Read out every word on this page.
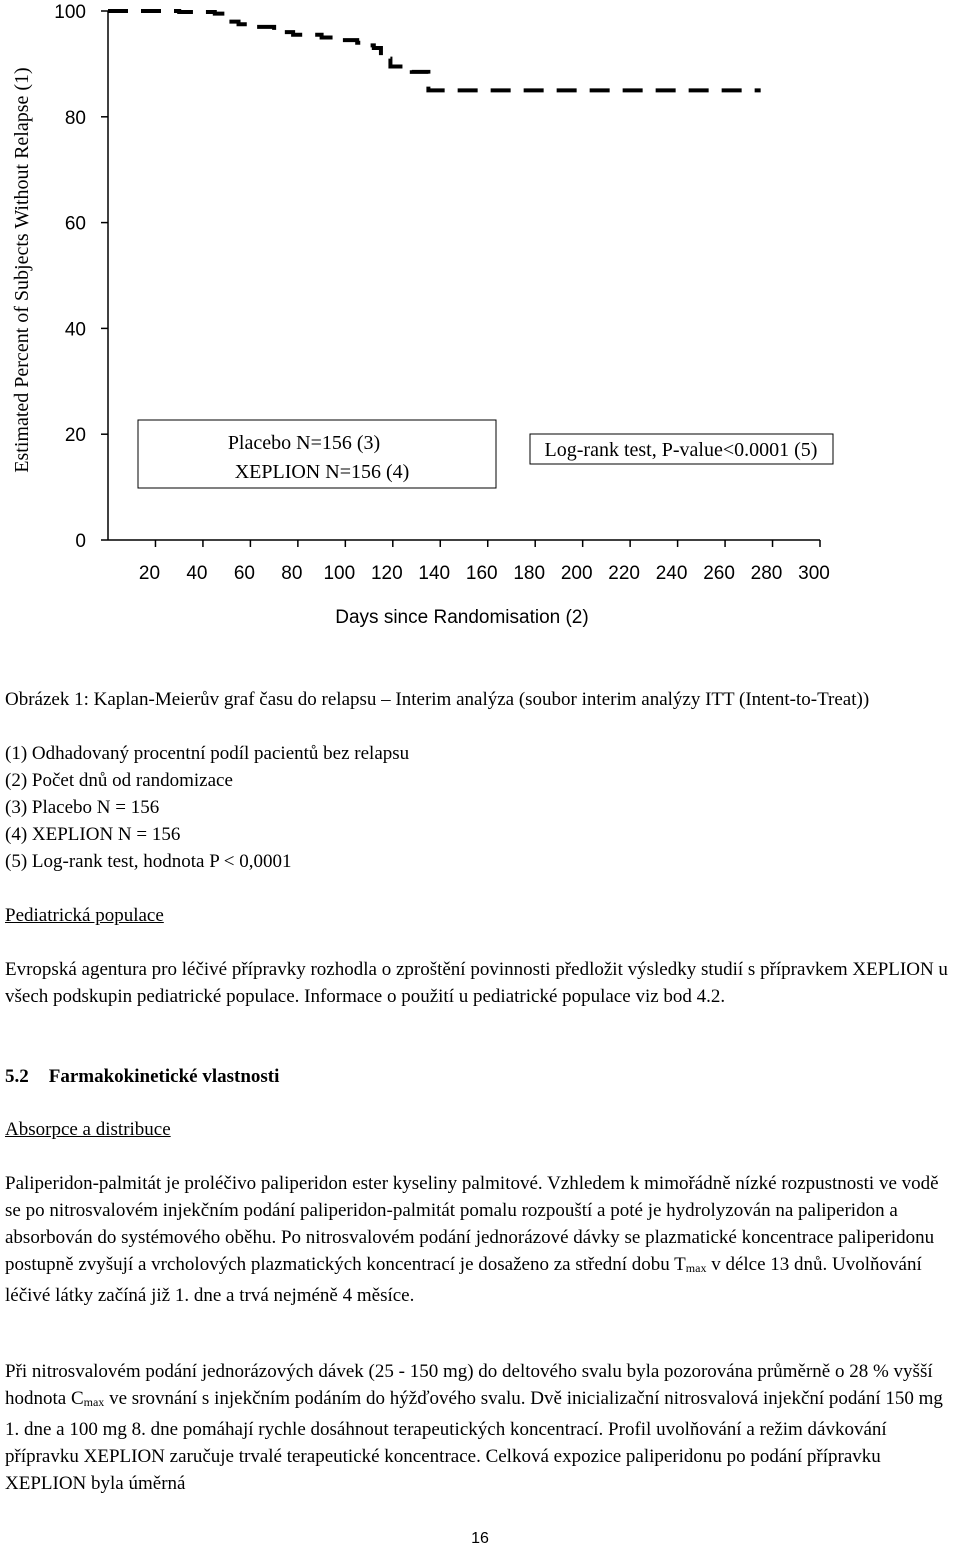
Estimated Percent of Subjects Without Relapse (1)
0
20
40
60
80
100
20 40 60 80 100 120 140 160 180 200 220 240 260 280 300
Placebo N=156 (3)
XEPLION N=156 (4)
Log-rank test, P-value<0.0001 (5)
Days since Randomisation (2)

Obrázek 1: Kaplan-Meierův graf času do relapsu – Interim analýza (soubor interim analýzy ITT (Intent-to-Treat))

(1) Odhadovaný procentní podíl pacientů bez relapsu

(2) Počet dnů od randomizace

(3) Placebo N = 156

(4) XEPLION N = 156

(5) Log-rank test, hodnota P < 0,0001

Pediatrická populace

Evropská agentura pro léčivé přípravky rozhodla o zproštění povinnosti předložit výsledky studií s přípravkem XEPLION u všech podskupin pediatrické populace. Informace o použití u pediatrické populace viz bod 4.2.

5.2 Farmakokinetické vlastnosti

Absorpce a distribuce

Paliperidon-palmitát je proléčivo paliperidon ester kyseliny palmitové. Vzhledem k mimořádně nízké rozpustnosti ve vodě se po nitrosvalovém injekčním podání paliperidon-palmitát pomalu rozpouští a poté je hydrolyzován na paliperidon a absorbován do systémového oběhu. Po nitrosvalovém podání jednorázové dávky se plazmatické koncentrace paliperidonu postupně zvyšují a vrcholových plazmatických koncentrací je dosaženo za střední dobu Tmax v délce 13 dnů. Uvolňování léčivé látky začíná již 1. dne a trvá nejméně 4 měsíce.

Při nitrosvalovém podání jednorázových dávek (25 - 150 mg) do deltového svalu byla pozorována průměrně o 28 % vyšší hodnota Cmax ve srovnání s injekčním podáním do hýžďového svalu. Dvě inicializační nitrosvalová injekční podání 150 mg 1. dne a 100 mg 8. dne pomáhají rychle dosáhnout terapeutických koncentrací. Profil uvolňování a režim dávkování přípravku XEPLION zaručuje trvalé terapeutické koncentrace. Celková expozice paliperidonu po podání přípravku XEPLION byla úměrná

16
